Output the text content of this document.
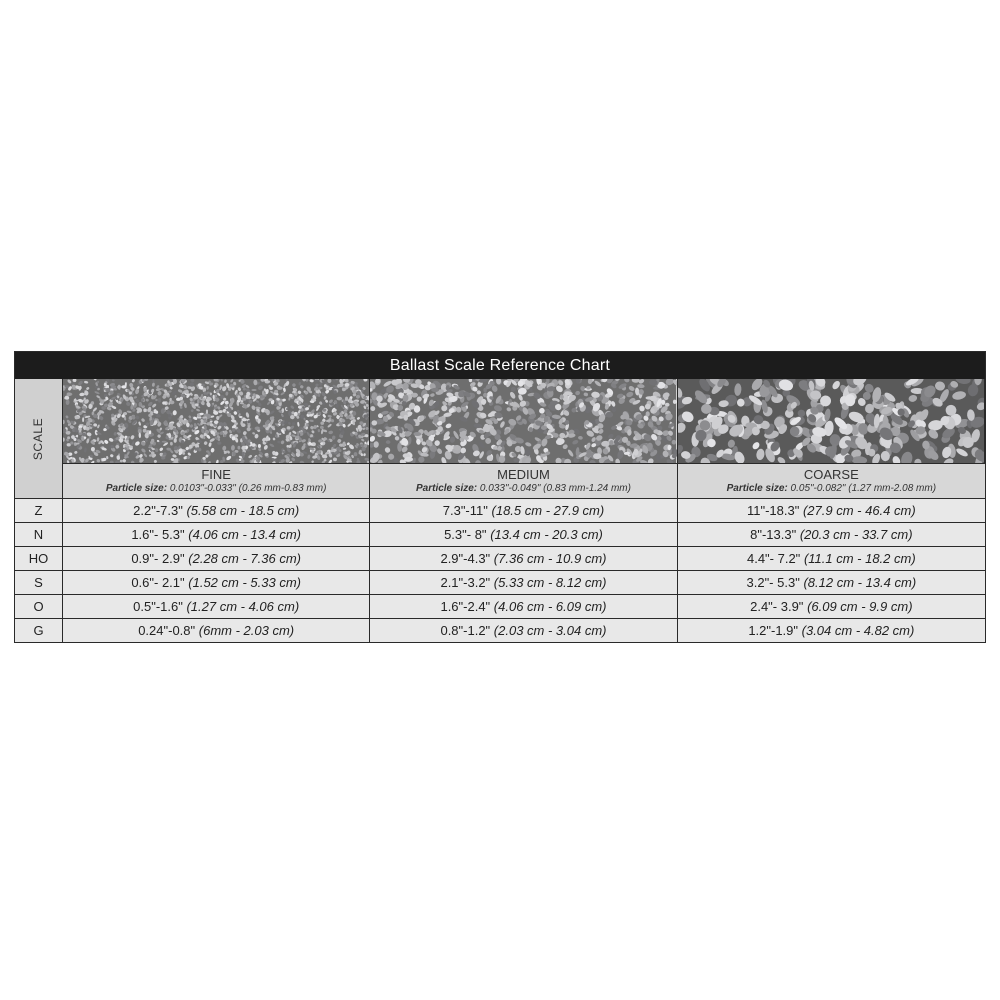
Ballast Scale Reference Chart
SCALE
FINE
Particle size: 0.0103"-0.033" (0.26 mm-0.83 mm)
MEDIUM
Particle size: 0.033"-0.049" (0.83 mm-1.24 mm)
COARSE
Particle size: 0.05"-0.082" (1.27 mm-2.08 mm)
Z	2.2"-7.3" (5.58 cm - 18.5 cm)	7.3"-11" (18.5 cm - 27.9 cm)	11"-18.3" (27.9 cm - 46.4 cm)
N	1.6"- 5.3" (4.06 cm - 13.4 cm)	5.3"- 8" (13.4 cm - 20.3 cm)	8"-13.3" (20.3 cm - 33.7 cm)
HO	0.9"- 2.9" (2.28 cm - 7.36 cm)	2.9"-4.3" (7.36 cm - 10.9 cm)	4.4"- 7.2" (11.1 cm - 18.2 cm)
S	0.6"- 2.1" (1.52 cm - 5.33 cm)	2.1"-3.2" (5.33 cm - 8.12 cm)	3.2"- 5.3" (8.12 cm - 13.4 cm)
O	0.5"-1.6" (1.27 cm - 4.06 cm)	1.6"-2.4" (4.06 cm - 6.09 cm)	2.4"- 3.9" (6.09 cm - 9.9 cm)
G	0.24"-0.8" (6mm - 2.03 cm)	0.8"-1.2" (2.03 cm - 3.04 cm)	1.2"-1.9" (3.04 cm - 4.82 cm)
